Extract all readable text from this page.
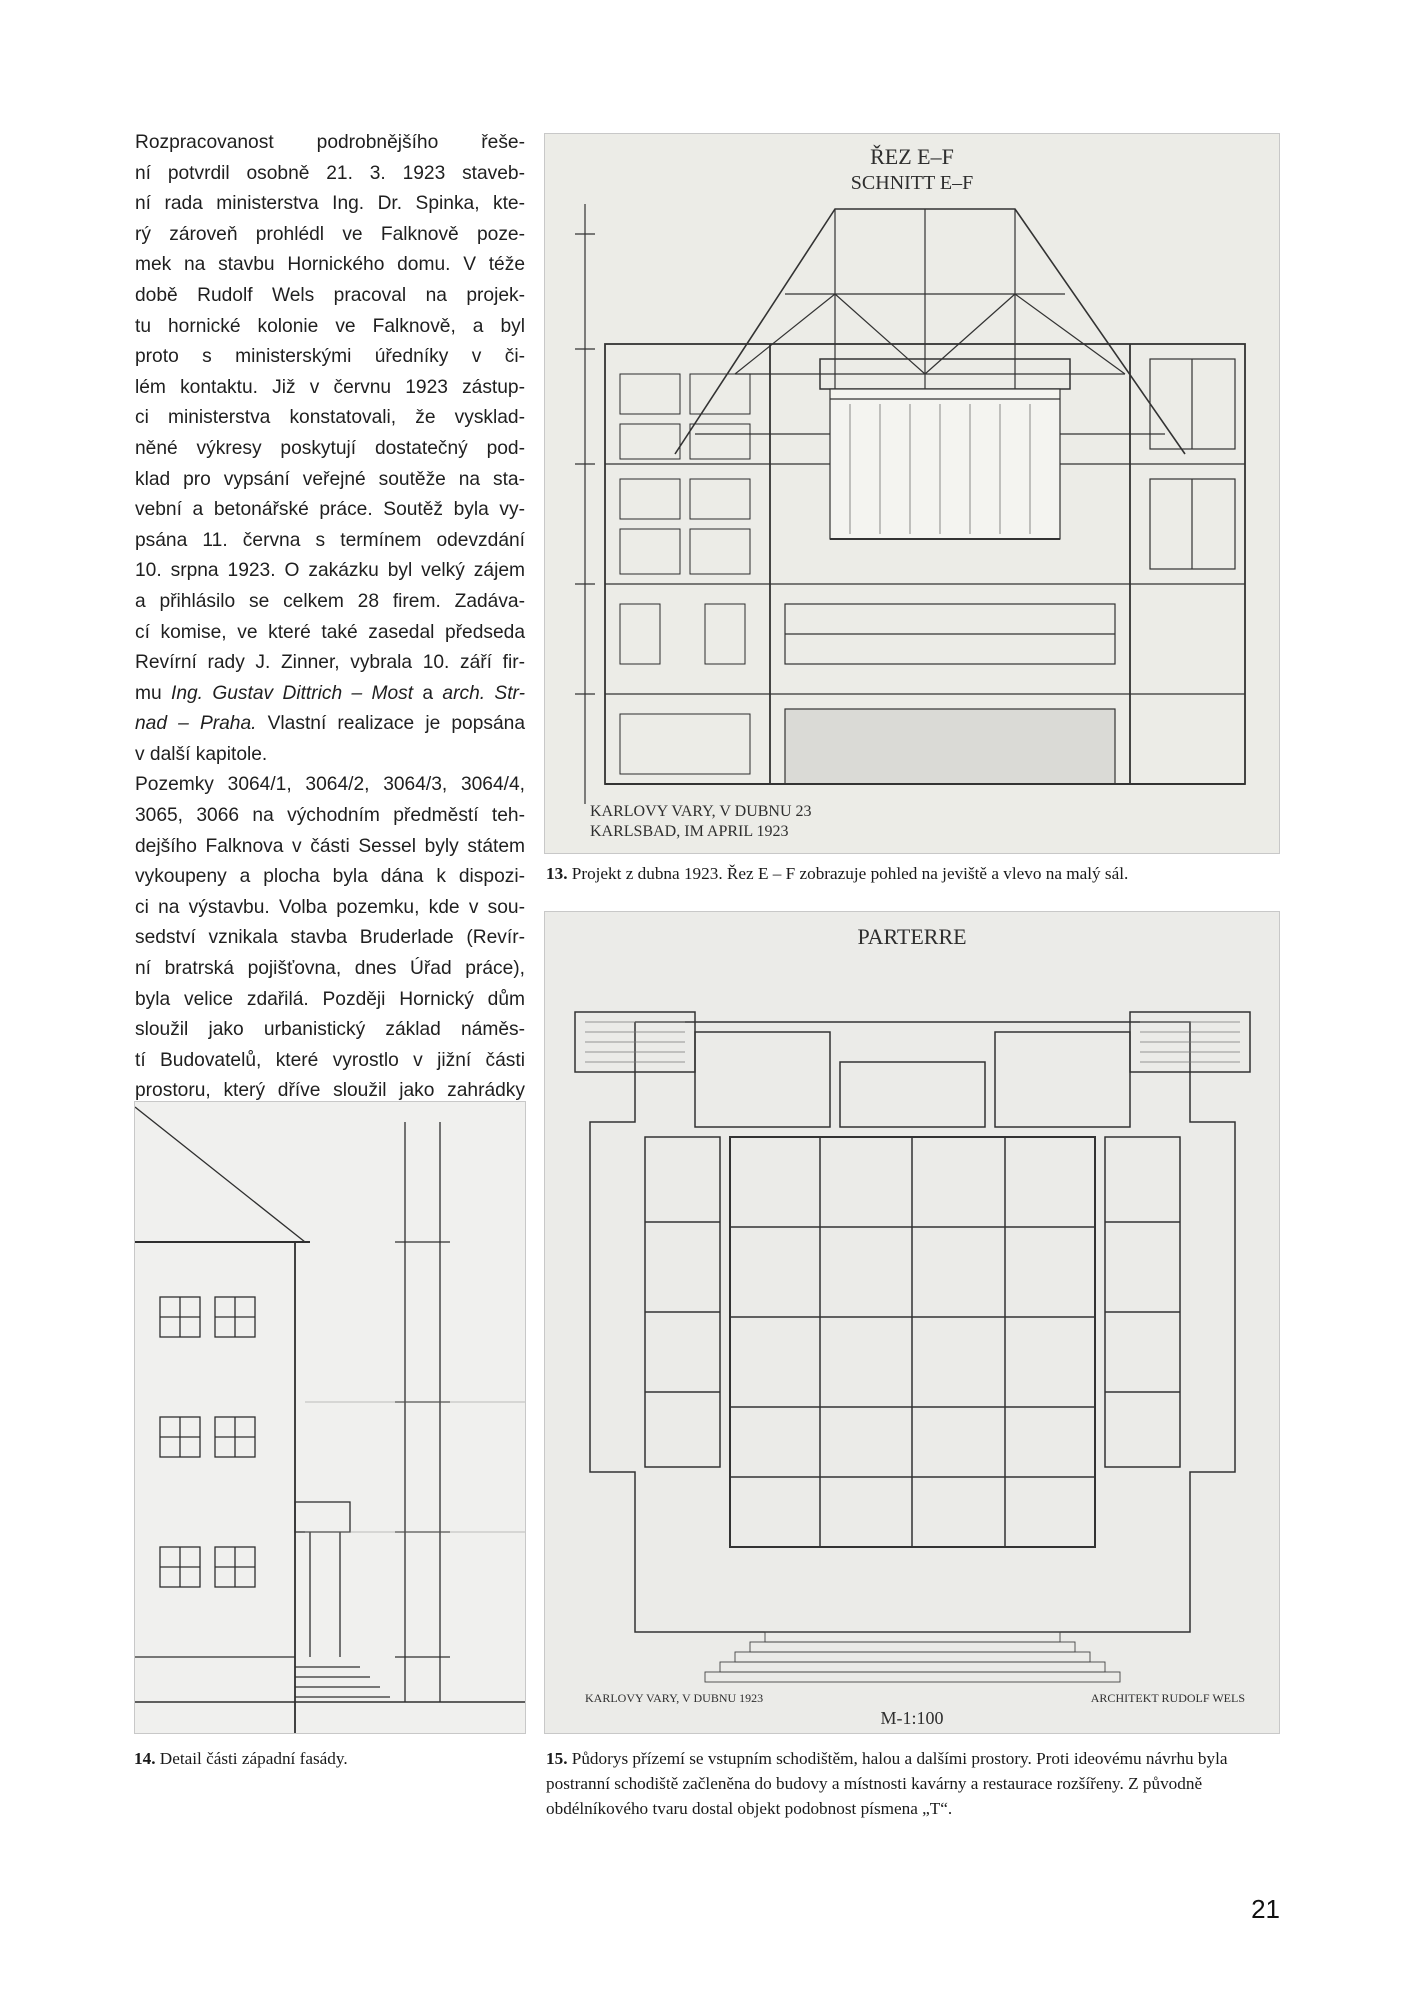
Rozpracovanost podrobnějšího řeše-
ní potvrdil osobně 21. 3. 1923 staveb-
ní rada ministerstva Ing. Dr. Spinka, kte-
rý zároveň prohlédl ve Falknově poze-
mek na stavbu Hornického domu. V téže
době Rudolf Wels pracoval na projek-
tu hornické kolonie ve Falknově, a byl
proto s ministerskými úředníky v či-
lém kontaktu. Již v červnu 1923 zástup-
ci ministerstva konstatovali, že vysklad-
něné výkresy poskytují dostatečný pod-
klad pro vypsání veřejné soutěže na sta-
vební a betonářské práce. Soutěž byla vy-
psána 11. června s termínem odevzdání
10. srpna 1923. O zakázku byl velký zájem
a přihlásilo se celkem 28 firem. Zadáva-
cí komise, ve které také zasedal předseda
Revírní rady J. Zinner, vybrala 10. září fir-
mu Ing. Gustav Dittrich – Most a arch. Str-
nad – Praha. Vlastní realizace je popsána
v další kapitole.

Pozemky 3064/1, 3064/2, 3064/3, 3064/4,
3065, 3066 na východním předměstí teh-
dejšího Falknova v části Sessel byly státem
vykoupeny a plocha byla dána k dispozi-
ci na výstavbu. Volba pozemku, kde v sou-
sedství vznikala stavba Bruderlade (Revír-
ní bratrská pojišťovna, dnes Úřad práce),
byla velice zdařilá. Později Hornický dům
sloužil jako urbanistický základ náměs-
tí Budovatelů, které vyrostlo v jižní části
prostoru, který dříve sloužil jako zahrádky

ŘEZ E–F
SCHNITT E–F
KARLOVY VARY, V DUBNU 23
KARLSBAD, IM APRIL 1923
13. Projekt z dubna 1923. Řez E – F zobrazuje pohled na jeviště a vlevo na malý sál.
PARTERRE
KARLOVY VARY, V DUBNU 1923	ARCHITEKT RUDOLF WELS
M-1:100
14. Detail části západní fasády.	15. Půdorys přízemí se vstupním schodištěm, halou a dalšími prostory. Proti ideovému návrhu byla postranní schodiště začleněna do budovy a místnosti kavárny a restaurace rozšířeny. Z původně obdélníkového tvaru dostal objekt podobnost písmena „T“.
21
